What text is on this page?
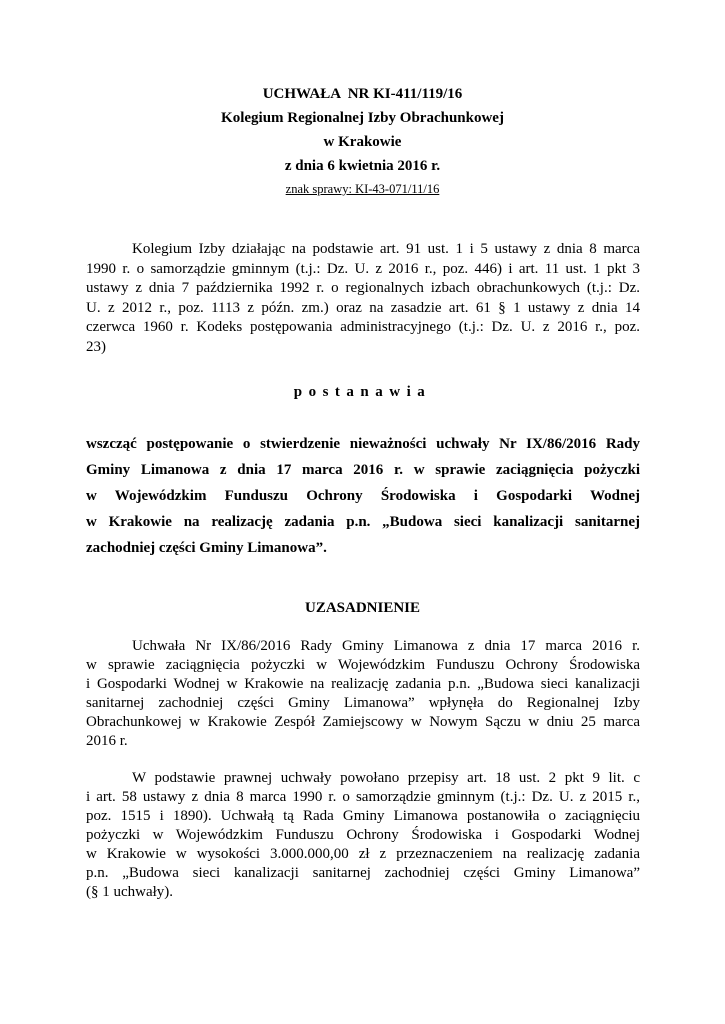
UCHWAŁA  NR KI-411/119/16
Kolegium Regionalnej Izby Obrachunkowej
w Krakowie
z dnia 6 kwietnia 2016 r.
znak sprawy: KI-43-071/11/16
Kolegium Izby działając na podstawie art. 91 ust. 1 i 5 ustawy z dnia 8 marca
1990 r. o samorządzie gminnym (t.j.: Dz. U. z 2016 r., poz. 446) i art. 11 ust. 1 pkt 3
ustawy z dnia 7 października 1992 r. o regionalnych izbach obrachunkowych (t.j.: Dz.
U. z 2012 r., poz. 1113 z późn. zm.) oraz na zasadzie art. 61 § 1 ustawy z dnia 14
czerwca 1960 r. Kodeks postępowania administracyjnego (t.j.: Dz. U. z 2016 r., poz.
23)
postanawia
wszcząć postępowanie o stwierdzenie nieważności uchwały Nr IX/86/2016 Rady
Gminy Limanowa z dnia 17 marca 2016 r. w sprawie zaciągnięcia pożyczki
w Wojewódzkim Funduszu Ochrony Środowiska i Gospodarki Wodnej
w Krakowie na realizację zadania p.n. „Budowa sieci kanalizacji sanitarnej
zachodniej części Gminy Limanowa”.
UZASADNIENIE
Uchwała Nr IX/86/2016 Rady Gminy Limanowa z dnia 17 marca 2016 r.
w sprawie zaciągnięcia pożyczki w Wojewódzkim Funduszu Ochrony Środowiska
i Gospodarki Wodnej w Krakowie na realizację zadania p.n. „Budowa sieci kanalizacji
sanitarnej zachodniej części Gminy Limanowa” wpłynęła do Regionalnej Izby
Obrachunkowej w Krakowie Zespół Zamiejscowy w Nowym Sączu w dniu 25 marca
2016 r.
W podstawie prawnej uchwały powołano przepisy art. 18 ust. 2 pkt 9 lit. c
i art. 58 ustawy z dnia 8 marca 1990 r. o samorządzie gminnym (t.j.: Dz. U. z 2015 r.,
poz. 1515 i 1890). Uchwałą tą Rada Gminy Limanowa postanowiła o zaciągnięciu
pożyczki w Wojewódzkim Funduszu Ochrony Środowiska i Gospodarki Wodnej
w Krakowie w wysokości 3.000.000,00 zł z przeznaczeniem na realizację zadania
p.n. „Budowa sieci kanalizacji sanitarnej zachodniej części Gminy Limanowa”
(§ 1 uchwały).
